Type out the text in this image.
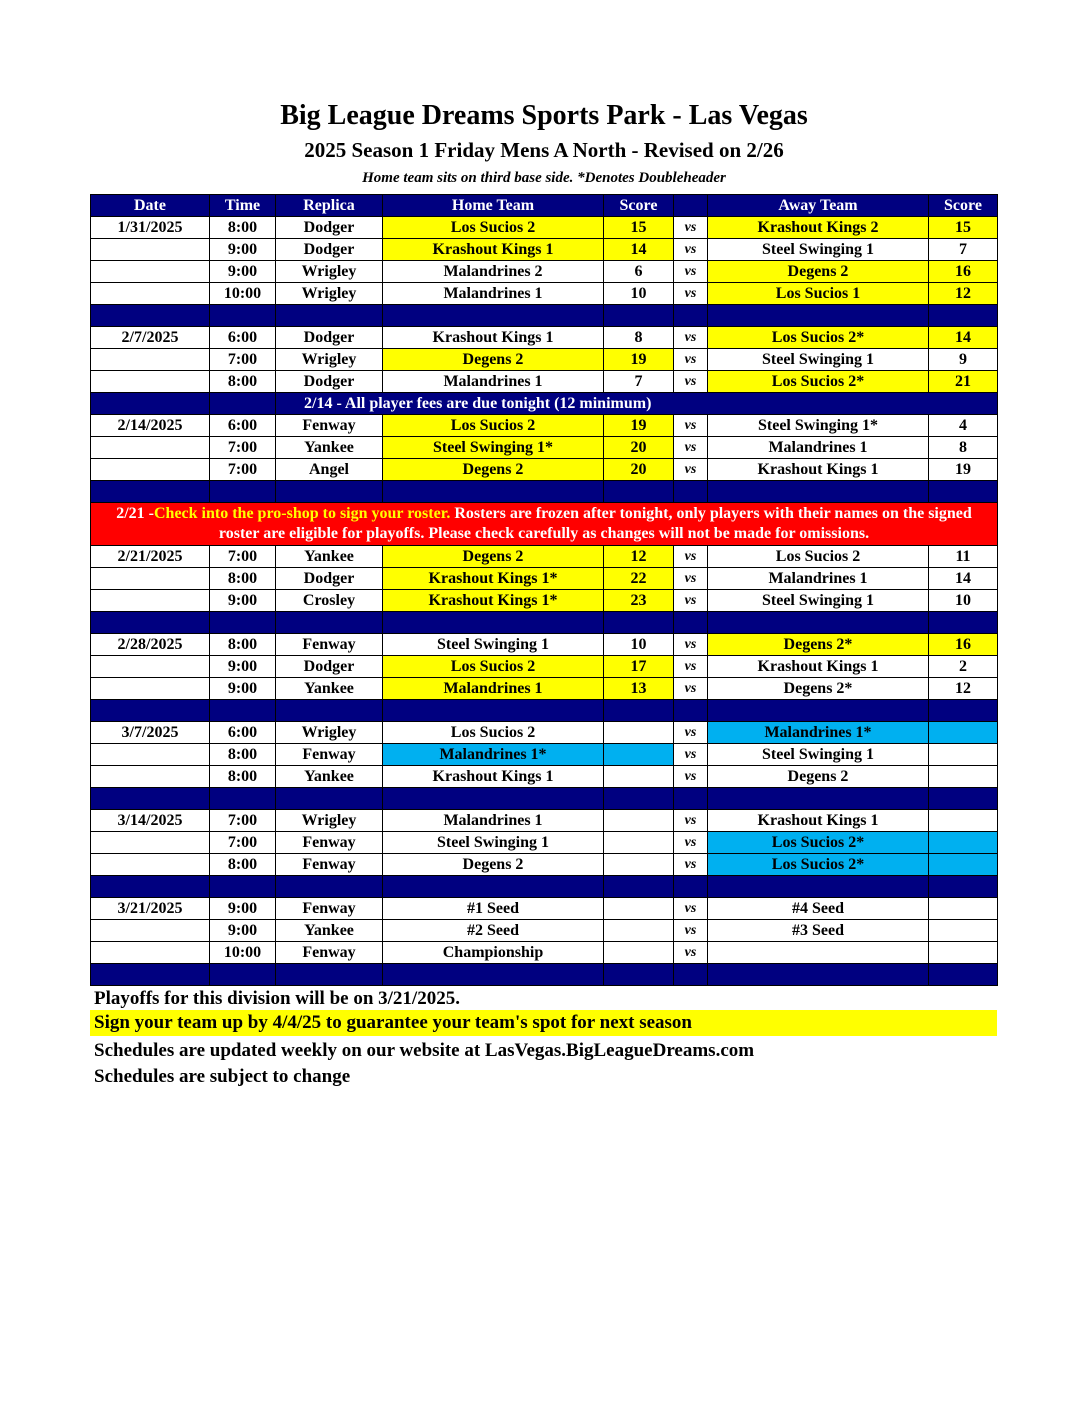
Big League Dreams Sports Park - Las Vegas
2025 Season 1 Friday Mens A North - Revised on 2/26
Home team sits on third base side. *Denotes Doubleheader
Date	Time	Replica	Home Team	Score		Away Team	Score
1/31/2025	8:00	Dodger	Los Sucios 2	15	vs	Krashout Kings 2	15
	9:00	Dodger	Krashout Kings 1	14	vs	Steel Swinging 1	7
	9:00	Wrigley	Malandrines 2	6	vs	Degens 2	16
	10:00	Wrigley	Malandrines 1	10	vs	Los Sucios 1	12

2/7/2025	6:00	Dodger	Krashout Kings 1	8	vs	Los Sucios 2*	14
	7:00	Wrigley	Degens 2	19	vs	Steel Swinging 1	9
	8:00	Dodger	Malandrines 1	7	vs	Los Sucios 2*	21
		2/14 - All player fees are due tonight (12 minimum)					
2/14/2025	6:00	Fenway	Los Sucios 2	19	vs	Steel Swinging 1*	4
	7:00	Yankee	Steel Swinging 1*	20	vs	Malandrines 1	8
	7:00	Angel	Degens 2	20	vs	Krashout Kings 1	19

2/21 -Check into the pro-shop to sign your roster. Rosters are frozen after tonight, only players with their names on the signed roster are eligible for playoffs. Please check carefully as changes will not be made for omissions.							
2/21/2025	7:00	Yankee	Degens 2	12	vs	Los Sucios 2	11
	8:00	Dodger	Krashout Kings 1*	22	vs	Malandrines 1	14
	9:00	Crosley	Krashout Kings 1*	23	vs	Steel Swinging 1	10

2/28/2025	8:00	Fenway	Steel Swinging 1	10	vs	Degens 2*	16
	9:00	Dodger	Los Sucios 2	17	vs	Krashout Kings 1	2
	9:00	Yankee	Malandrines 1	13	vs	Degens 2*	12

3/7/2025	6:00	Wrigley	Los Sucios 2		vs	Malandrines 1*	
	8:00	Fenway	Malandrines 1*		vs	Steel Swinging 1	
	8:00	Yankee	Krashout Kings 1		vs	Degens 2	

3/14/2025	7:00	Wrigley	Malandrines 1		vs	Krashout Kings 1	
	7:00	Fenway	Steel Swinging 1		vs	Los Sucios 2*	
	8:00	Fenway	Degens 2		vs	Los Sucios 2*	

3/21/2025	9:00	Fenway	#1 Seed		vs	#4 Seed	
	9:00	Yankee	#2 Seed		vs	#3 Seed	
	10:00	Fenway	Championship		vs		

Playoffs for this division will be on 3/21/2025.
Sign your team up by 4/4/25 to guarantee your team's spot for next season
Schedules are updated weekly on our website at LasVegas.BigLeagueDreams.com
Schedules are subject to change
